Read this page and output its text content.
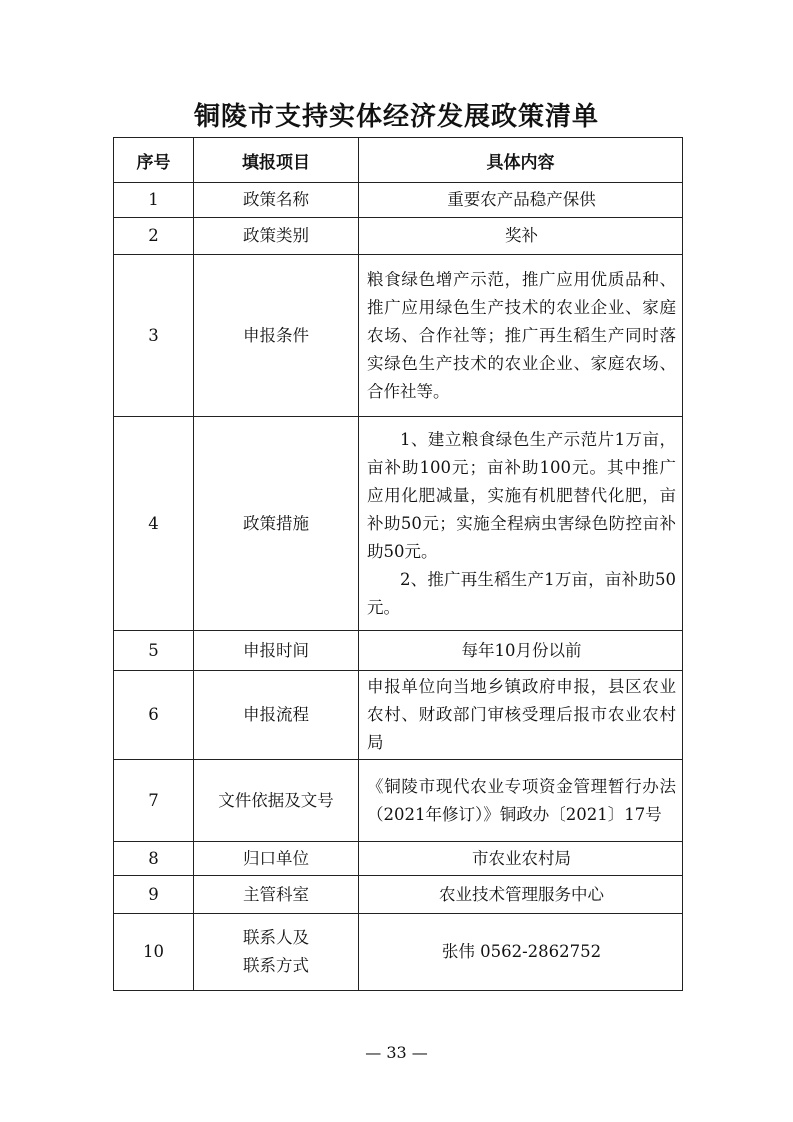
铜陵市支持实体经济发展政策清单
序号	填报项目	具体内容
1	政策名称	重要农产品稳产保供

2	政策类别	奖补

3	申报条件	粮食绿色增产示范，推广应用优质品种、推广应用绿色生产技术的农业企业、家庭农场、合作社等；推广再生稻生产同时落实绿色生产技术的农业企业、家庭农场、合作社等。

4	政策措施	1、建立粮食绿色生产示范片1万亩，亩补助100元；亩补助100元。其中推广应用化肥减量，实施有机肥替代化肥，亩补助50元；实施全程病虫害绿色防控亩补助50元。
2、推广再生稻生产1万亩，亩补助50元。

5	申报时间	每年10月份以前

6	申报流程	申报单位向当地乡镇政府申报，县区农业农村、财政部门审核受理后报市农业农村局

7	文件依据及文号	《铜陵市现代农业专项资金管理暂行办法（2021年修订）》铜政办〔2021〕17号

8	归口单位	市农业农村局

9	主管科室	农业技术管理服务中心

10	联系人及联系方式	张伟 0562-2862752
— 33 —
